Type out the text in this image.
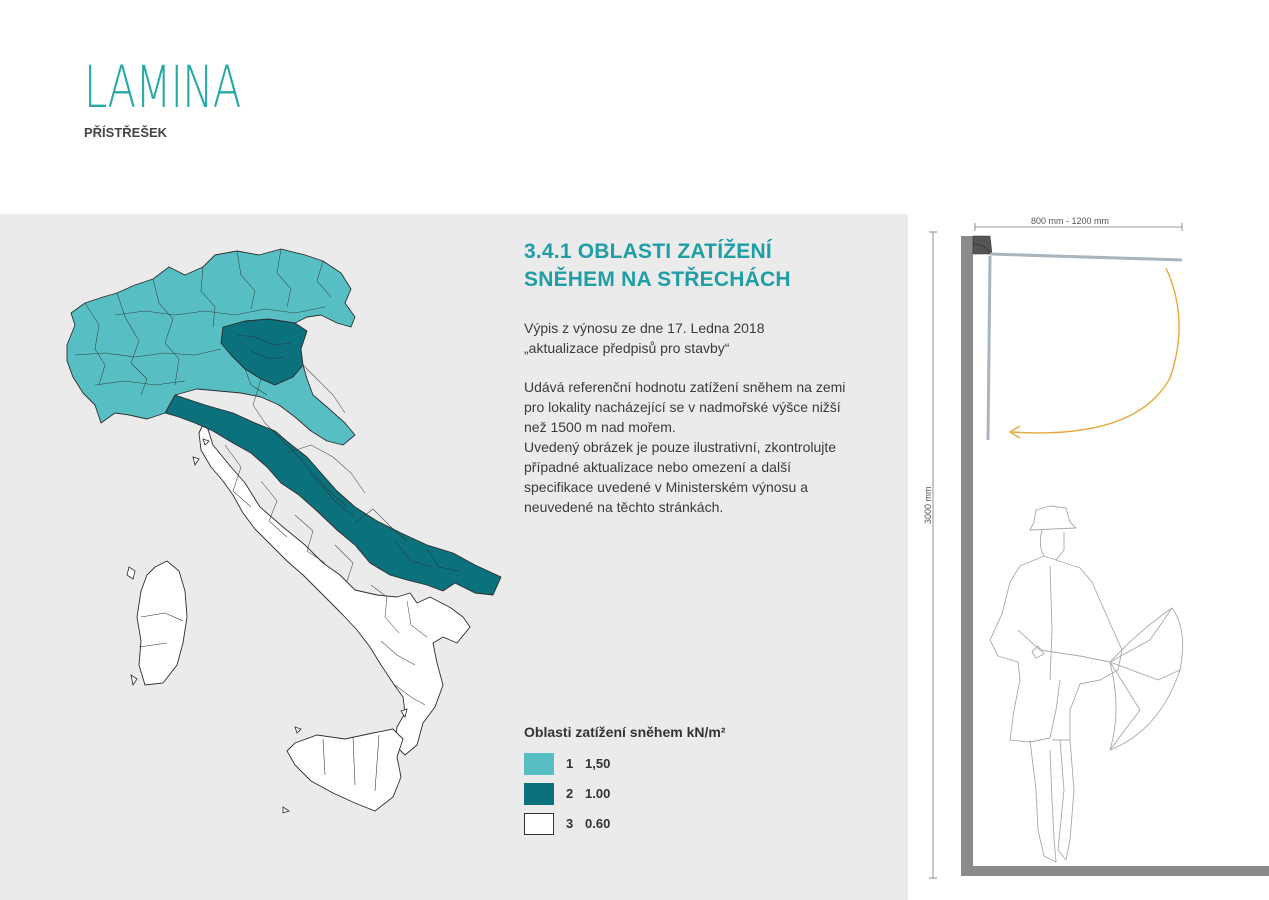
LAMINA
PŘÍSTŘEŠEK
3.4.1 OBLASTI ZATÍŽENÍ
SNĚHEM NA STŘECHÁCH
Výpis z výnosu ze dne 17. Ledna 2018
„aktualizace předpisů pro stavby“
Udává referenční hodnotu zatížení sněhem na zemi
pro lokality nacházející se v nadmořské výšce nižší
než 1500 m nad mořem.
Uvedený obrázek je pouze ilustrativní, zkontrolujte
případné aktualizace nebo omezení a další
specifikace uvedené v Ministerském výnosu a
neuvedené na těchto stránkách.
Oblasti zatížení sněhem kN/m²
1 1,50
2 1.00
3 0.60
800 mm - 1200 mm
3000 mm
